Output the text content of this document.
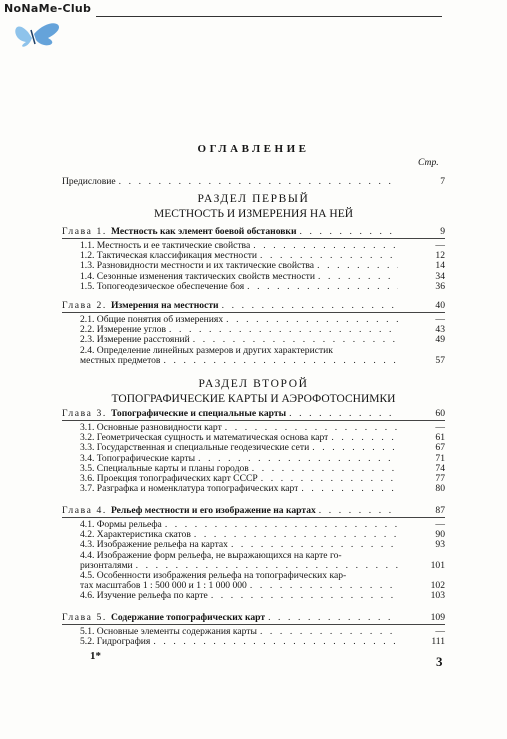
NoNaMe-Club
ОГЛАВЛЕНИЕ
Стр.
Предисловие . . .	7
РАЗДЕЛ ПЕРВЫЙ
МЕСТНОСТЬ И ИЗМЕРЕНИЯ НА НЕЙ
Глава 1. Местность как элемент боевой обстановки . . .	9
1.1. Местность и ее тактические свойства . . .	—
1.2. Тактическая классификация местности . . .	12
1.3. Разновидности местности и их тактические свойства . . .	14
1.4. Сезонные изменения тактических свойств местности . . .	34
1.5. Топогеодезическое обеспечение боя . . .	36
Глава 2. Измерения на местности . . .	40
2.1. Общие понятия об измерениях . . .	—
2.2. Измерение углов . . .	43
2.3. Измерение расстояний . . .	49
2.4. Определение линейных размеров и других характеристик
местных предметов . . .	57
РАЗДЕЛ ВТОРОЙ
ТОПОГРАФИЧЕСКИЕ КАРТЫ И АЭРОФОТОСНИМКИ
Глава 3. Топографические и специальные карты . . .	60
3.1. Основные разновидности карт . . .	—
3.2. Геометрическая сущность и математическая основа карт . . .	61
3.3. Государственная и специальные геодезические сети . . .	67
3.4. Топографические карты . . .	71
3.5. Специальные карты и планы городов . . .	74
3.6. Проекция топографических карт СССР . . .	77
3.7. Разграфка и номенклатура топографических карт . . .	80
Глава 4. Рельеф местности и его изображение на картах . . .	87
4.1. Формы рельефа . . .	—
4.2. Характеристика скатов . . .	90
4.3. Изображение рельефа на картах . . .	93
4.4. Изображение форм рельефа, не выражающихся на карте го-
ризонталями . . .	101
4.5. Особенности изображения рельефа на топографических кар-
тах масштабов 1 : 500 000 и 1 : 1 000 000 . . .	102
4.6. Изучение рельефа по карте . . .	103
Глава 5. Содержание топографических карт . . .	109
5.1. Основные элементы содержания карты . . .	—
5.2. Гидрография . . .	111
1*	3
